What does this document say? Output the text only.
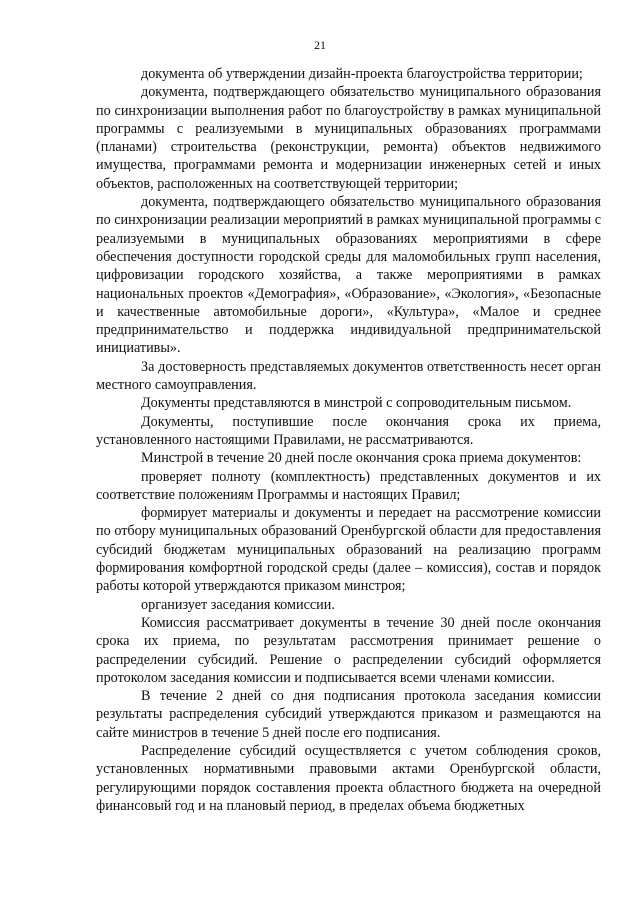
21

документа об утверждении дизайн-проекта благоустройства территории;

документа, подтверждающего обязательство муниципального образования по синхронизации выполнения работ по благоустройству в рамках муниципальной программы с реализуемыми в муниципальных образованиях программами (планами) строительства (реконструкции, ремонта) объектов недвижимого имущества, программами ремонта и модернизации инженерных сетей и иных объектов, расположенных на соответствующей территории;

документа, подтверждающего обязательство муниципального образования по синхронизации реализации мероприятий в рамках муниципальной программы с реализуемыми в муниципальных образованиях мероприятиями в сфере обеспечения доступности городской среды для маломобильных групп населения, цифровизации городского хозяйства, а также мероприятиями в рамках национальных проектов «Демография», «Образование», «Экология», «Безопасные и качественные автомобильные дороги», «Культура», «Малое и среднее предпринимательство и поддержка индивидуальной предпринимательской инициативы».

За достоверность представляемых документов ответственность несет орган местного самоуправления.

Документы представляются в минстрой с сопроводительным письмом.

Документы, поступившие после окончания срока их приема, установленного настоящими Правилами, не рассматриваются.

Минстрой в течение 20 дней после окончания срока приема документов:

проверяет полноту (комплектность) представленных документов и их соответствие положениям Программы и настоящих Правил;

формирует материалы и документы и передает на рассмотрение комиссии по отбору муниципальных образований Оренбургской области для предоставления субсидий бюджетам муниципальных образований на реализацию программ формирования комфортной городской среды (далее – комиссия), состав и порядок работы которой утверждаются приказом минстроя;

организует заседания комиссии.

Комиссия рассматривает документы в течение 30 дней после окончания срока их приема, по результатам рассмотрения принимает решение о распределении субсидий. Решение о распределении субсидий оформляется протоколом заседания комиссии и подписывается всеми членами комиссии.

В течение 2 дней со дня подписания протокола заседания комиссии результаты распределения субсидий утверждаются приказом и размещаются на сайте министров в течение 5 дней после его подписания.

Распределение субсидий осуществляется с учетом соблюдения сроков, установленных нормативными правовыми актами Оренбургской области, регулирующими порядок составления проекта областного бюджета на очередной финансовый год и на плановый период, в пределах объема бюджетных
